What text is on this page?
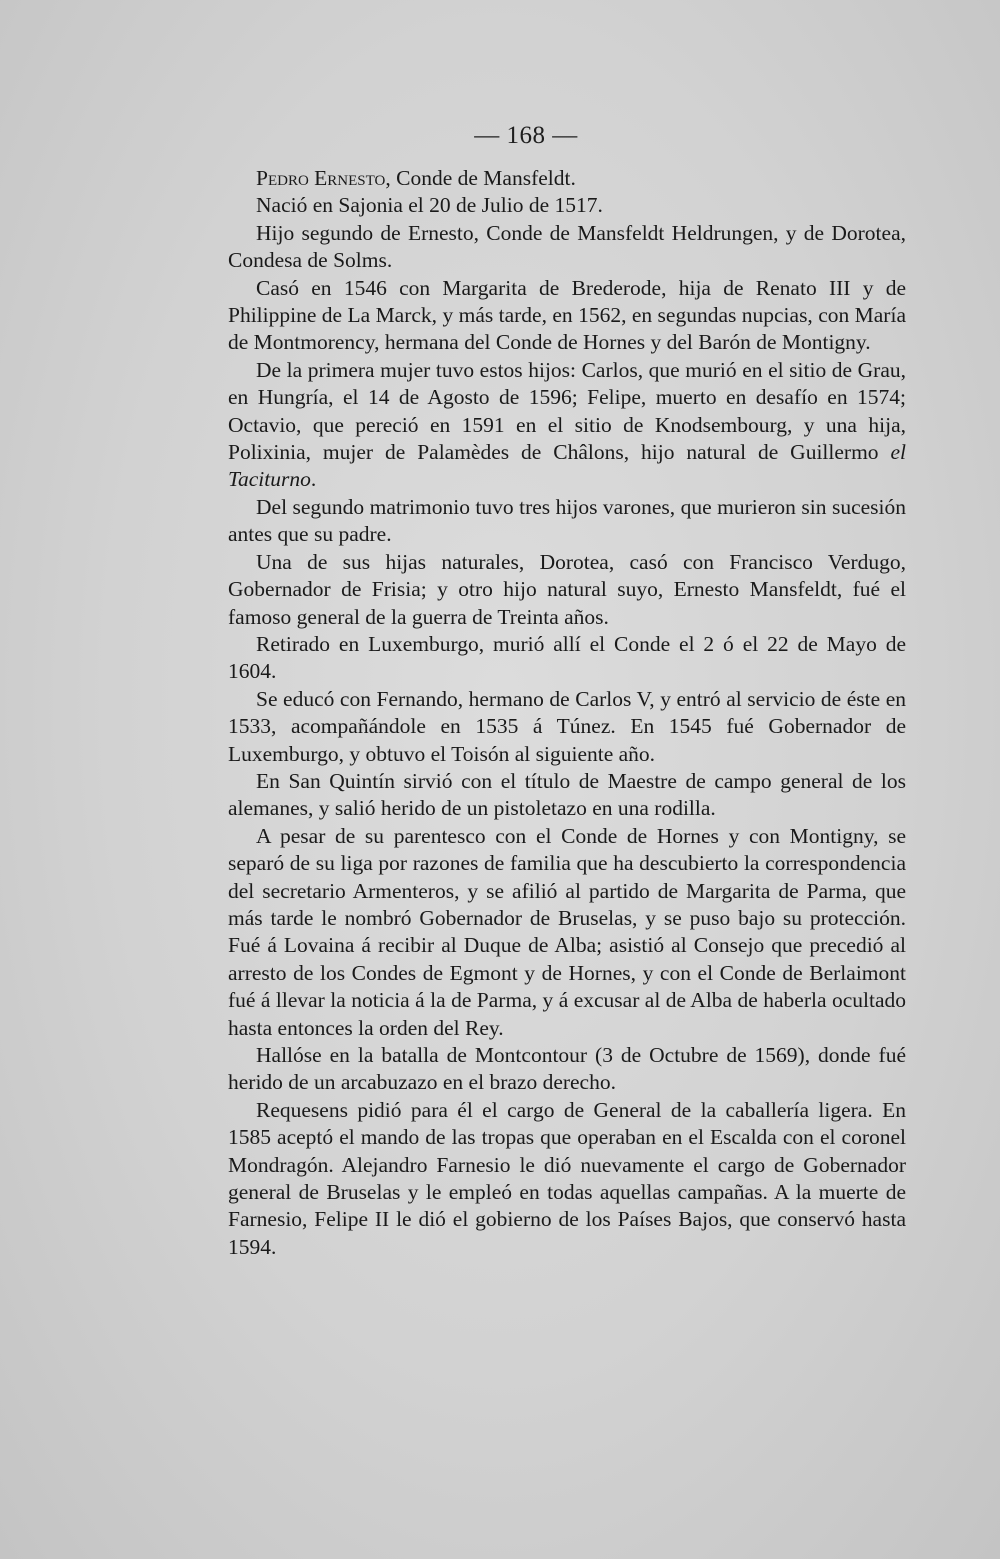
— 168 —

Pedro Ernesto, Conde de Mansfeldt.

Nació en Sajonia el 20 de Julio de 1517.

Hijo segundo de Ernesto, Conde de Mansfeldt Heldrungen, y de Dorotea, Condesa de Solms.

Casó en 1546 con Margarita de Brederode, hija de Renato III y de Philippine de La Marck, y más tarde, en 1562, en segundas nupcias, con María de Montmorency, hermana del Conde de Hornes y del Barón de Montigny.

De la primera mujer tuvo estos hijos: Carlos, que murió en el sitio de Grau, en Hungría, el 14 de Agosto de 1596; Felipe, muerto en desafío en 1574; Octavio, que pereció en 1591 en el sitio de Knodsembourg, y una hija, Polixinia, mujer de Palamèdes de Châlons, hijo natural de Guillermo el Taciturno.

Del segundo matrimonio tuvo tres hijos varones, que murieron sin sucesión antes que su padre.

Una de sus hijas naturales, Dorotea, casó con Francisco Verdugo, Gobernador de Frisia; y otro hijo natural suyo, Ernesto Mansfeldt, fué el famoso general de la guerra de Treinta años.

Retirado en Luxemburgo, murió allí el Conde el 2 ó el 22 de Mayo de 1604.

Se educó con Fernando, hermano de Carlos V, y entró al servicio de éste en 1533, acompañándole en 1535 á Túnez. En 1545 fué Gobernador de Luxemburgo, y obtuvo el Toisón al siguiente año.

En San Quintín sirvió con el título de Maestre de campo general de los alemanes, y salió herido de un pistoletazo en una rodilla.

A pesar de su parentesco con el Conde de Hornes y con Montigny, se separó de su liga por razones de familia que ha descubierto la correspondencia del secretario Armenteros, y se afilió al partido de Margarita de Parma, que más tarde le nombró Gobernador de Bruselas, y se puso bajo su protección. Fué á Lovaina á recibir al Duque de Alba; asistió al Consejo que precedió al arresto de los Condes de Egmont y de Hornes, y con el Conde de Berlaimont fué á llevar la noticia á la de Parma, y á excusar al de Alba de haberla ocultado hasta entonces la orden del Rey.

Hallóse en la batalla de Montcontour (3 de Octubre de 1569), donde fué herido de un arcabuzazo en el brazo derecho.

Requesens pidió para él el cargo de General de la caballería ligera. En 1585 aceptó el mando de las tropas que operaban en el Escalda con el coronel Mondragón. Alejandro Farnesio le dió nuevamente el cargo de Gobernador general de Bruselas y le empleó en todas aquellas campañas. A la muerte de Farnesio, Felipe II le dió el gobierno de los Países Bajos, que conservó hasta 1594.
